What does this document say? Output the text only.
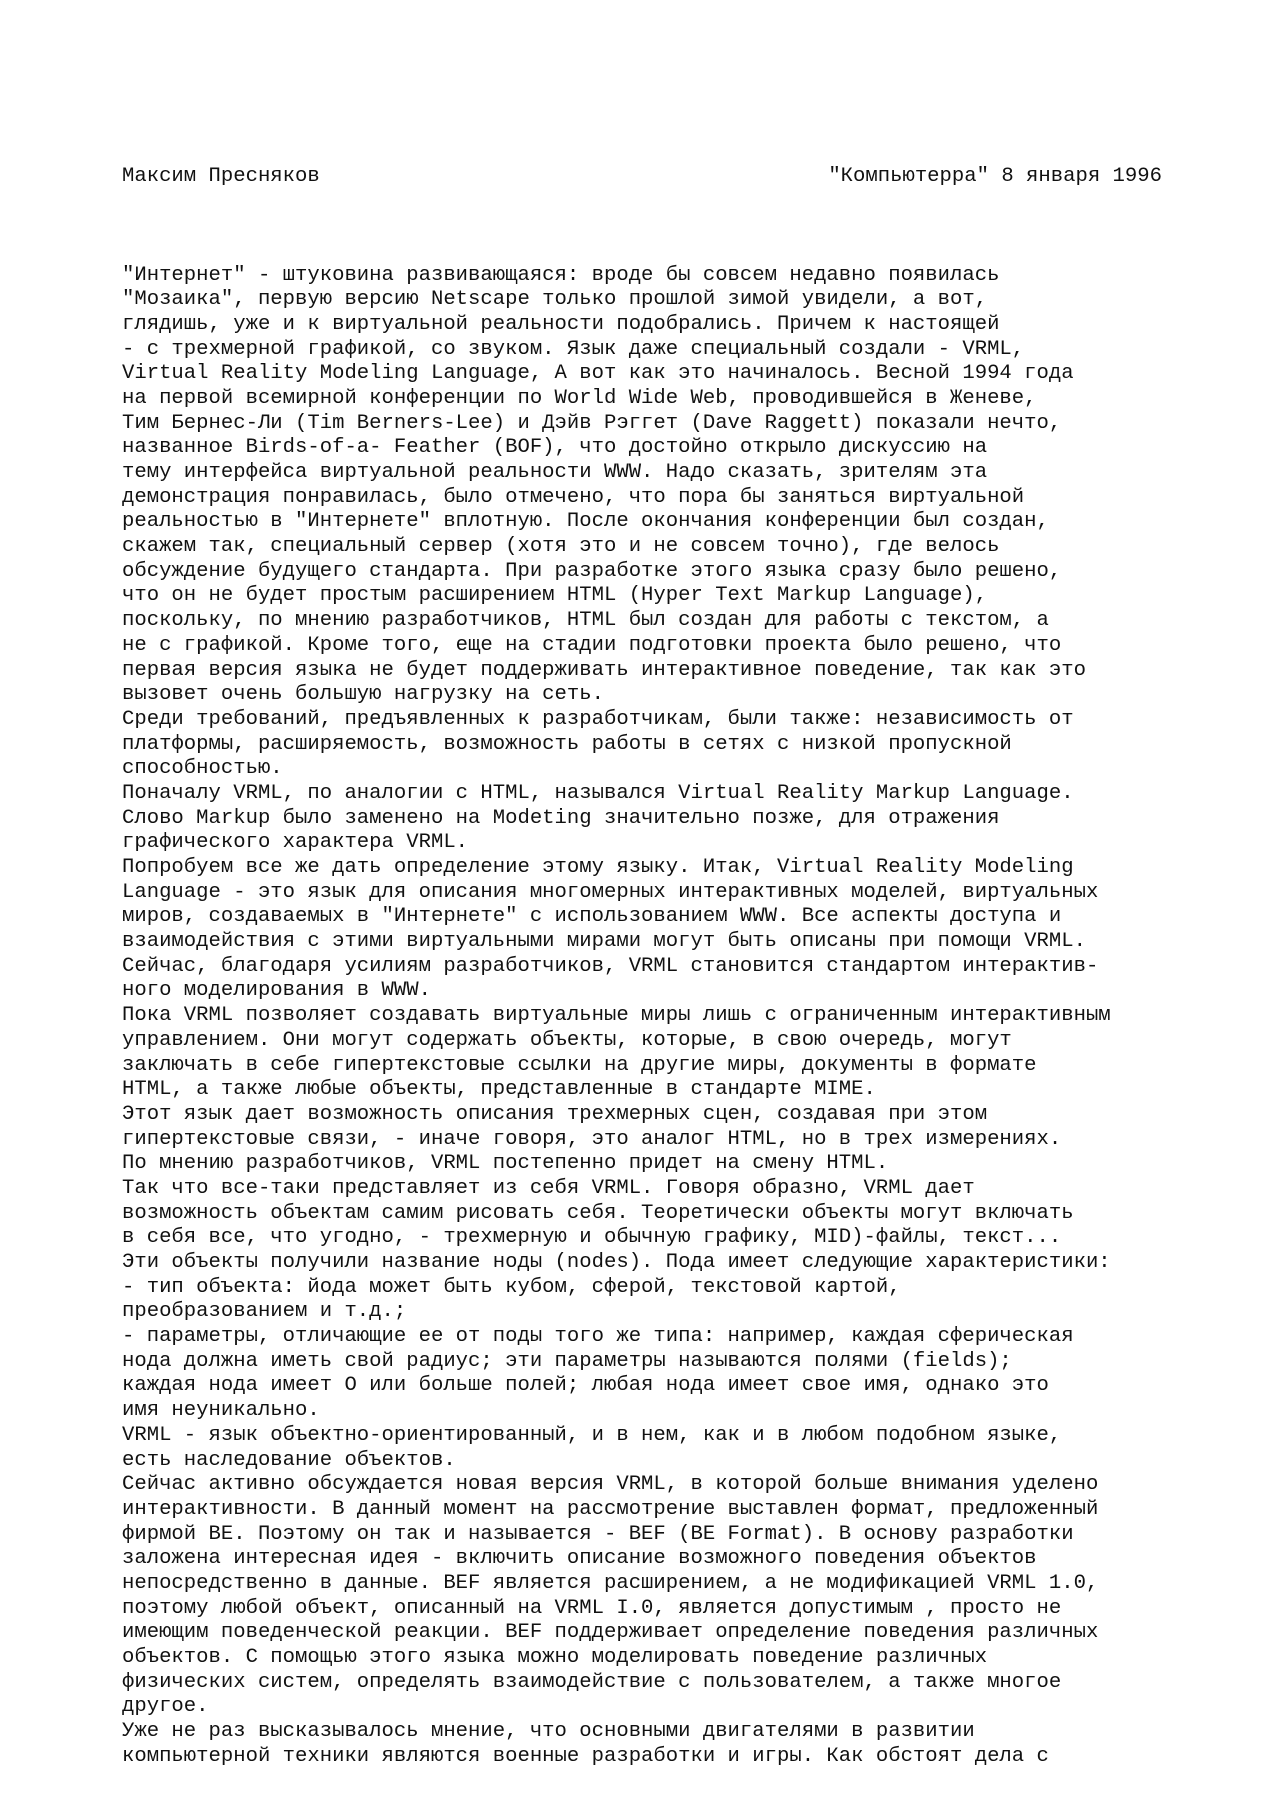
Максим Пресняков	"Компьютерра" 8 января 1996

"Интернет" - штуковина развивающаяся: вроде бы совсем недавно появилась
"Мозаика", первую версию Netscape только прошлой зимой увидели, а вот,
глядишь, уже и к виртуальной реальности подобрались. Причем к настоящей
- с трехмерной графикой, со звуком. Язык даже специальный создали - VRML,
Virtual Reality Modeling Language, А вот как это начиналось. Весной 1994 года
на первой всемирной конференции по World Wide Web, проводившейся в Женеве,
Тим Бернес-Ли (Tim Berners-Lee) и Дэйв Рэггет (Dave Raggett) показали нечто,
названное Birds-of-a- Feather (BOF), что достойно открыло дискуссию на
тему интерфейса виртуальной реальности WWW. Надо сказать, зрителям эта
демонстрация понравилась, было отмечено, что пора бы заняться виртуальной
реальностью в "Интернете" вплотную. После окончания конференции был создан,
скажем так, специальный сервер (хотя это и не совсем точно), где велось
обсуждение будущего стандарта. При разработке этого языка сразу было решено,
что он не будет простым расширением HTML (Hyper Text Markup Language),
поскольку, по мнению разработчиков, HTML был создан для работы с текстом, а
не с графикой. Кроме того, еще на стадии подготовки проекта было решено, что
первая версия языка не будет поддерживать интерактивное поведение, так как это
вызовет очень большую нагрузку на сеть.
Среди требований, предъявленных к разработчикам, были также: независимость от
платформы, расширяемость, возможность работы в сетях с низкой пропускной
способностью.
Поначалу VRML, по аналогии с HTML, назывался Virtual Reality Markup Language.
Слово Markup было заменено на Modeting значительно позже, для отражения
графического характера VRML.
Попробуем все же дать определение этому языку. Итак, Virtual Reality Modeling
Language - это язык для описания многомерных интерактивных моделей, виртуальных
миров, создаваемых в "Интернете" с использованием WWW. Все аспекты доступа и
взаимодействия с этими виртуальными мирами могут быть описаны при помощи VRML.
Сейчас, благодаря усилиям разработчиков, VRML становится стандартом интерактив-
ного моделирования в WWW.
Пока VRML позволяет создавать виртуальные миры лишь с ограниченным интерактивным
управлением. Они могут содержать объекты, которые, в свою очередь, могут
заключать в себе гипертекстовые ссылки на другие миры, документы в формате
HTML, а также любые объекты, представленные в стандарте MIME.
Этот язык дает возможность описания трехмерных сцен, создавая при этом
гипертекстовые связи, - иначе говоря, это аналог HTML, но в трех измерениях.
По мнению разработчиков, VRML постепенно придет на смену HTML.
Так что все-таки представляет из себя VRML. Говоря образно, VRML дает
возможность объектам самим рисовать себя. Теоретически объекты могут включать
в себя все, что угодно, - трехмерную и обычную графику, MID)-файлы, текст...
Эти объекты получили название ноды (nodes). Пода имеет следующие характеристики:
- тип объекта: йода может быть кубом, сферой, текстовой картой,
преобразованием и т.д.;
- параметры, отличающие ее от поды того же типа: например, каждая сферическая
нода должна иметь свой радиус; эти параметры называются полями (fields);
каждая нода имеет О или больше полей; любая нода имеет свое имя, однако это
имя неуникально.
VRML - язык объектно-ориентированный, и в нем, как и в любом подобном языке,
есть наследование объектов.
Сейчас активно обсуждается новая версия VRML, в которой больше внимания уделено
интерактивности. В данный момент на рассмотрение выставлен формат, предложенный
фирмой BE. Поэтому он так и называется - BEF (BE Format). В основу разработки
заложена интересная идея - включить описание возможного поведения объектов
непосредственно в данные. BEF является расширением, а не модификацией VRML 1.0,
поэтому любой объект, описанный на VRML I.0, является допустимым , просто не
имеющим поведенческой реакции. BEF поддерживает определение поведения различных
объектов. С помощью этого языка можно моделировать поведение различных
физических систем, определять взаимодействие с пользователем, а также многое
другое.
Уже не раз высказывалось мнение, что основными двигателями в развитии
компьютерной техники являются военные разработки и игры. Как обстоят дела с
